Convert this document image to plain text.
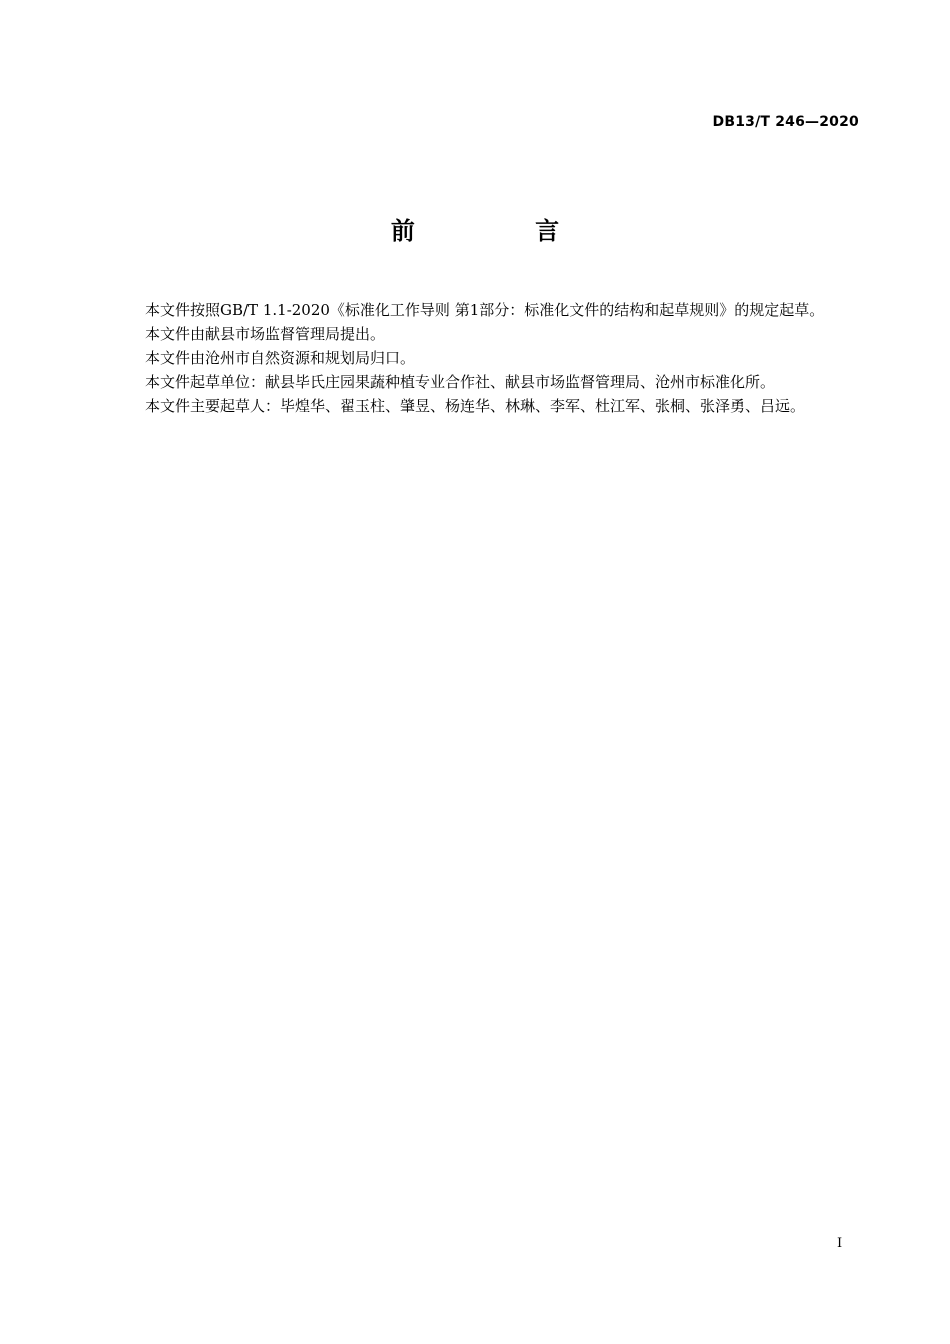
DB13/T 246—2020
前 言

本文件按照GB/T 1.1-2020《标准化工作导则 第1部分：标准化文件的结构和起草规则》的规定起草。

本文件由献县市场监督管理局提出。

本文件由沧州市自然资源和规划局归口。

本文件起草单位：献县毕氏庄园果蔬种植专业合作社、献县市场监督管理局、沧州市标准化所。

本文件主要起草人：毕煌华、翟玉柱、肇昱、杨连华、林琳、李军、杜江军、张桐、张泽勇、吕远。

I
